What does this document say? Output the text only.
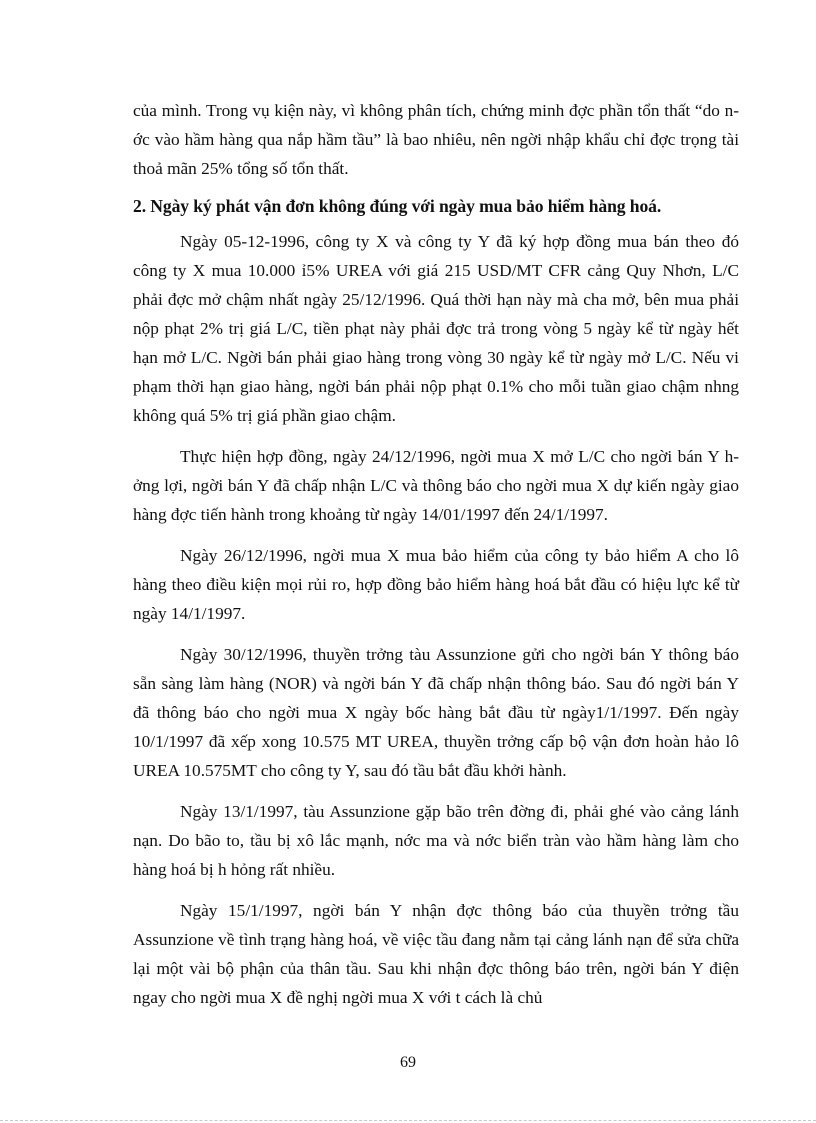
của mình. Trong vụ kiện này, vì không phân tích, chứng minh đợc phần tổn thất “do nớc vào hầm hàng qua nắp hầm tầu” là bao nhiêu, nên ngời nhập khẩu chỉ đợc trọng tài thoả mãn 25% tổng số tổn thất.

2. Ngày ký phát vận đơn không đúng với ngày mua bảo hiểm hàng hoá.

Ngày 05-12-1996, công ty X và công ty Y đã ký hợp đồng mua bán theo đó công ty X mua 10.000 ỉ5% UREA với giá 215 USD/MT CFR cảng Quy Nhơn, L/C phải đợc mở chậm nhất ngày 25/12/1996. Quá thời hạn này mà cha mở, bên mua phải nộp phạt 2% trị giá L/C, tiền phạt này phải đợc trả trong vòng 5 ngày kể từ ngày hết hạn mở L/C. Ngời bán phải giao hàng trong vòng 30 ngày kể từ ngày mở L/C. Nếu vi phạm thời hạn giao hàng, ngời bán phải nộp phạt 0.1% cho mỗi tuần giao chậm nhng không quá 5% trị giá phần giao chậm.

Thực hiện hợp đồng, ngày 24/12/1996, ngời mua X mở L/C cho ngời bán Y hởng lợi, ngời bán Y đã chấp nhận L/C và thông báo cho ngời mua X dự kiến ngày giao hàng đợc tiến hành trong khoảng từ ngày 14/01/1997 đến 24/1/1997.

Ngày 26/12/1996, ngời mua X mua bảo hiểm của công ty bảo hiểm A cho lô hàng theo điều kiện mọi rủi ro, hợp đồng bảo hiểm hàng hoá bắt đầu có hiệu lực kể từ ngày 14/1/1997.

Ngày 30/12/1996, thuyền trởng tàu Assunzione gửi cho ngời bán Y thông báo sẵn sàng làm hàng (NOR) và ngời bán Y đã chấp nhận thông báo. Sau đó ngời bán Y đã thông báo cho ngời mua X ngày bốc hàng bắt đầu từ ngày1/1/1997. Đến ngày 10/1/1997 đã xếp xong 10.575 MT UREA, thuyền trởng cấp bộ vận đơn hoàn hảo lô UREA 10.575MT cho công ty Y, sau đó tầu bắt đầu khởi hành.

Ngày 13/1/1997, tàu Assunzione gặp bão trên đờng đi, phải ghé vào cảng lánh nạn. Do bão to, tầu bị xô lắc mạnh, nớc ma và nớc biển tràn vào hầm hàng làm cho hàng hoá bị h hỏng rất nhiều.

Ngày 15/1/1997, ngời bán Y nhận đợc thông báo của thuyền trởng tầu Assunzione về tình trạng hàng hoá, về việc tầu đang nằm tại cảng lánh nạn để sửa chữa lại một vài bộ phận của thân tầu. Sau khi nhận đợc thông báo trên, ngời bán Y điện ngay cho ngời mua X đề nghị ngời mua X với t cách là chủ

69
